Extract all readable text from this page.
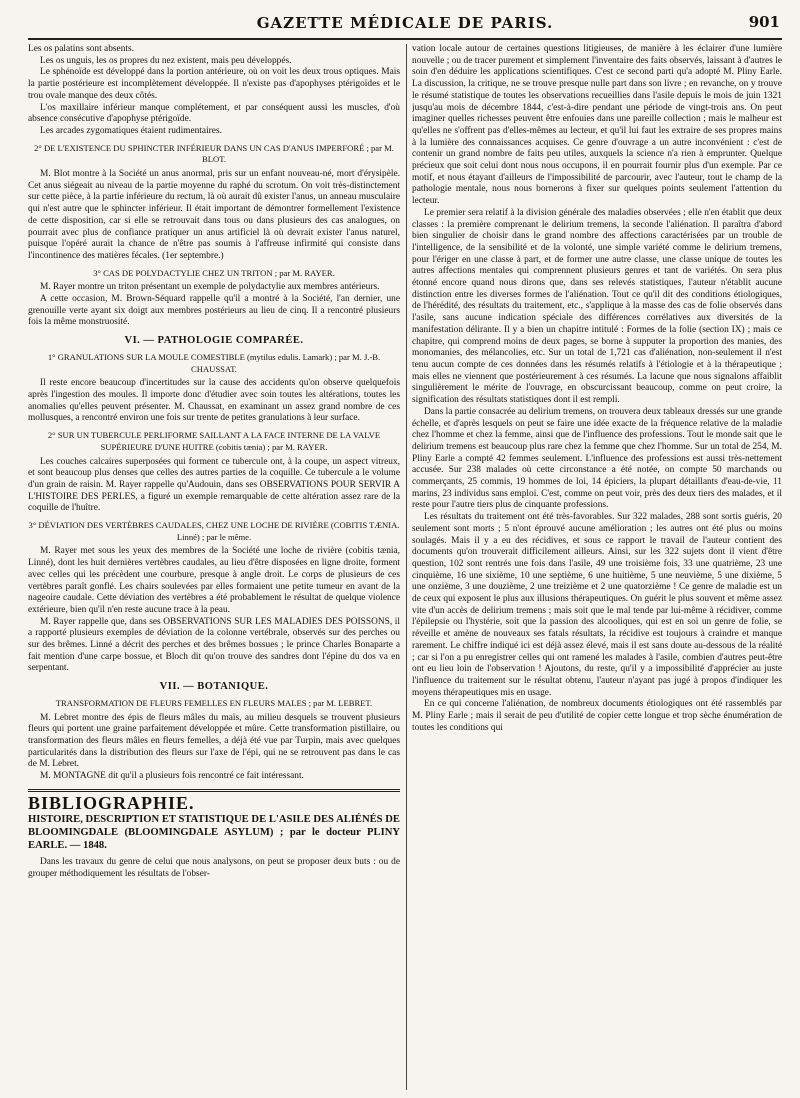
GAZETTE MÉDICALE DE PARIS.	901

Les os palatins sont absents.

Les os unguis, les os propres du nez existent, mais peu développés.

Le sphénoïde est développé dans la portion antérieure, où on voit les deux trous optiques. Mais la partie postérieure est incomplètement développée. Il n'existe pas d'apophyses ptérigoïdes et le trou ovale manque des deux côtés.

L'os maxillaire inférieur manque complétement, et par conséquent aussi les muscles, d'où absence consécutive d'apophyse ptérigoïde.

Les arcades zygomatiques étaient rudimentaires.

2° DE L'EXISTENCE DU SPHINCTER INFÉRIEUR DANS UN CAS D'ANUS IMPERFORÉ ; par M. BLOT.

M. Blot montre à la Société un anus anormal, pris sur un enfant nouveau-né, mort d'érysipèle. Cet anus siégeait au niveau de la partie moyenne du raphé du scrotum. On voit très-distinctement sur cette pièce, à la partie inférieure du rectum, là où aurait dû exister l'anus, un anneau musculaire qui n'est autre que le sphincter inférieur. Il était important de démontrer formellement l'existence de cette disposition, car si elle se retrouvait dans tous ou dans plusieurs des cas analogues, on pourrait avec plus de confiance pratiquer un anus artificiel là où devrait exister l'anus naturel, puisque l'opéré aurait la chance de n'être pas soumis à l'affreuse infirmité qui consiste dans l'incontinence des matières fécales. (1er septembre.)

3° CAS DE POLYDACTYLIE CHEZ UN TRITON ; par M. RAYER.

M. Rayer montre un triton présentant un exemple de polydactylie aux membres antérieurs.

A cette occasion, M. Brown-Séquard rappelle qu'il a montré à la Société, l'an dernier, une grenouille verte ayant six doigt aux membres postérieurs au lieu de cinq. Il a rencontré plusieurs fois la même monstruosité.

VI. — PATHOLOGIE COMPARÉE.
1° GRANULATIONS SUR LA MOULE COMESTIBLE (mytilus edulis. Lamark) ; par M. J.-B. CHAUSSAT.

Il reste encore beaucoup d'incertitudes sur la cause des accidents qu'on observe quelquefois après l'ingestion des moules. Il importe donc d'étudier avec soin toutes les altérations, toutes les anomalies qu'elles peuvent présenter. M. Chaussat, en examinant un assez grand nombre de ces mollusques, a rencontré environ une fois sur trente de petites granulations à leur surface.

2° SUR UN TUBERCULE PERLIFORME SAILLANT A LA FACE INTERNE DE LA VALVE SUPÉRIEURE D'UNE HUITRE (cobitis tænia) ; par M. RAYER.

Les couches calcaires superposées qui forment ce tubercule ont, à la coupe, un aspect vitreux, et sont beaucoup plus denses que celles des autres parties de la coquille. Ce tubercule a le volume d'un grain de raisin. M. Rayer rappelle qu'Audouin, dans ses OBSERVATIONS POUR SERVIR A L'HISTOIRE DES PERLES, a figuré un exemple remarquable de cette altération assez rare de la coquille de l'huître.

3° DÉVIATION DES VERTÈBRES CAUDALES, CHEZ UNE LOCHE DE RIVIÈRE (COBITIS TÆNIA. Linné) ; par le même.

M. Rayer met sous les yeux des membres de la Société une loche de rivière (cobitis tænia, Linné), dont les huit dernières vertèbres caudales, au lieu d'être disposées en ligne droite, forment avec celles qui les précèdent une courbure, presque à angle droit. Le corps de plusieurs de ces vertèbres paraît gonflé. Les chairs soulevées par elles formaient une petite tumeur en avant de la nageoire caudale. Cette déviation des vertèbres a été probablement le résultat de quelque violence extérieure, bien qu'il n'en reste aucune trace à la peau.

M. Rayer rappelle que, dans ses OBSERVATIONS SUR LES MALADIES DES POISSONS, il a rapporté plusieurs exemples de déviation de la colonne vertébrale, observés sur des perches ou sur des brêmes. Linné a décrit des perches et des brêmes bossues ; le prince Charles Bonaparte a fait mention d'une carpe bossue, et Bloch dit qu'on trouve des sandres dont l'épine du dos va en serpentant.

VII. — BOTANIQUE.
TRANSFORMATION DE FLEURS FEMELLES EN FLEURS MALES ; par M. LEBRET.

M. Lebret montre des épis de fleurs mâles du maïs, au milieu desquels se trouvent plusieurs fleurs qui portent une graine parfaitement développée et mûre. Cette transformation pistillaire, ou transformation des fleurs mâles en fleurs femelles, a déjà été vue par Turpin, mais avec quelques particularités dans la distribution des fleurs sur l'axe de l'épi, qui ne se retrouvent pas dans le cas de M. Lebret.

M. MONTAGNE dit qu'il a plusieurs fois rencontré ce fait intéressant.

BIBLIOGRAPHIE.

HISTOIRE, DESCRIPTION ET STATISTIQUE DE L'ASILE DES ALIÉNÉS DE BLOOMINGDALE (BLOOMINGDALE ASYLUM) ; par le docteur PLINY EARLE. — 1848.

Dans les travaux du genre de celui que nous analysons, on peut se proposer deux buts : ou de grouper méthodiquement les résultats de l'obser-

vation locale autour de certaines questions litigieuses, de manière à les éclairer d'une lumière nouvelle ; ou de tracer purement et simplement l'inventaire des faits observés, laissant à d'autres le soin d'en déduire les applications scientifiques. C'est ce second parti qu'a adopté M. Pliny Earle. La discussion, la critique, ne se trouve presque nulle part dans son livre ; en revanche, on y trouve le résumé statistique de toutes les observations recueillies dans l'asile depuis le mois de juin 1321 jusqu'au mois de décembre 1844, c'est-à-dire pendant une période de vingt-trois ans. On peut imaginer quelles richesses peuvent être enfouies dans une pareille collection ; mais le malheur est qu'elles ne s'offrent pas d'elles-mêmes au lecteur, et qu'il lui faut les extraire de ses propres mains à la lumière des connaissances acquises. Ce genre d'ouvrage a un autre inconvénient : c'est de contenir un grand nombre de faits peu utiles, auxquels la science n'a rien à emprunter. Quelque précieux que soit celui dont nous nous occupons, il en pourrait fournir plus d'un exemple. Par ce motif, et nous étayant d'ailleurs de l'impossibilité de parcourir, avec l'auteur, tout le champ de la pathologie mentale, nous nous bornerons à fixer sur quelques points seulement l'attention du lecteur.

Le premier sera relatif à la division générale des maladies observées ; elle n'en établit que deux classes : la première comprenant le delirium tremens, la seconde l'aliénation. Il paraîtra d'abord bien singulier de choisir dans le grand nombre des affections caractérisées par un trouble de l'intelligence, de la sensibilité et de la volonté, une simple variété comme le delirium tremens, pour l'ériger en une classe à part, et de former une autre classe, une classe unique de toutes les autres affections mentales qui comprennent plusieurs genres et tant de variétés. On sera plus étonné encore quand nous dirons que, dans ses relevés statistiques, l'auteur n'établit aucune distinction entre les diverses formes de l'aliénation. Tout ce qu'il dit des conditions étiologiques, de l'hérédité, des résultats du traitement, etc., s'applique à la masse des cas de folie observés dans l'asile, sans aucune indication spéciale des différences corrélatives aux diversités de la manifestation délirante. Il y a bien un chapitre intitulé : Formes de la folie (section IX) ; mais ce chapitre, qui comprend moins de deux pages, se borne à supputer la proportion des manies, des monomanies, des mélancolies, etc. Sur un total de 1,721 cas d'aliénation, non-seulement il n'est tenu aucun compte de ces données dans les résumés relatifs à l'étiologie et à la thérapeutique ; mais elles ne viennent que postérieurement à ces résumés. La lacune que nous signalons affaiblit singulièrement le mérite de l'ouvrage, en obscurcissant beaucoup, comme on peut croire, la signification des résultats statistiques dont il est rempli.

Dans la partie consacrée au delirium tremens, on trouvera deux tableaux dressés sur une grande échelle, et d'après lesquels on peut se faire une idée exacte de la fréquence relative de la maladie chez l'homme et chez la femme, ainsi que de l'influence des professions. Tout le monde sait que le delirium tremens est beaucoup plus rare chez la femme que chez l'homme. Sur un total de 254, M. Pliny Earle a compté 42 femmes seulement. L'influence des professions est aussi très-nettement accusée. Sur 238 malades où cette circonstance a été notée, on compte 50 marchands ou commerçants, 25 commis, 19 hommes de loi, 14 épiciers, la plupart détaillants d'eau-de-vie, 11 marins, 23 individus sans emploi. C'est, comme on peut voir, près des deux tiers des malades, et il reste pour l'autre tiers plus de cinquante professions.

Les résultats du traitement ont été très-favorables. Sur 322 malades, 288 sont sortis guéris, 20 seulement sont morts ; 5 n'ont éprouvé aucune amélioration ; les autres ont été plus ou moins soulagés. Mais il y a eu des récidives, et sous ce rapport le travail de l'auteur contient des documents qu'on trouverait difficilement ailleurs. Ainsi, sur les 322 sujets dont il vient d'être question, 102 sont rentrés une fois dans l'asile, 49 une troisième fois, 33 une quatrième, 23 une cinquième, 16 une sixième, 10 une septième, 6 une huitième, 5 une neuvième, 5 une dixième, 5 une onzième, 3 une douzième, 2 une treizième et 2 une quatorzième ! Ce genre de maladie est un de ceux qui exposent le plus aux illusions thérapeutiques. On guérit le plus souvent et même assez vite d'un accès de delirium tremens ; mais soit que le mal tende par lui-même à récidiver, comme l'épilepsie ou l'hystérie, soit que la passion des alcooliques, qui est en soi un genre de folie, se réveille et amène de nouveaux ses fatals résultats, la récidive est toujours à craindre et manque rarement. Le chiffre indiqué ici est déjà assez élevé, mais il est sans doute au-dessous de la réalité ; car si l'on a pu enregistrer celles qui ont ramené les malades à l'asile, combien d'autres peut-être ont eu lieu loin de l'observation ! Ajoutons, du reste, qu'il y a impossibilité d'apprécier au juste l'influence du traitement sur le résultat obtenu, l'auteur n'ayant pas jugé à propos d'indiquer les moyens thérapeutiques mis en usage.

En ce qui concerne l'aliénation, de nombreux documents étiologiques ont été rassemblés par M. Pliny Earle ; mais il serait de peu d'utilité de copier cette longue et trop sèche énumération de toutes les conditions qui
